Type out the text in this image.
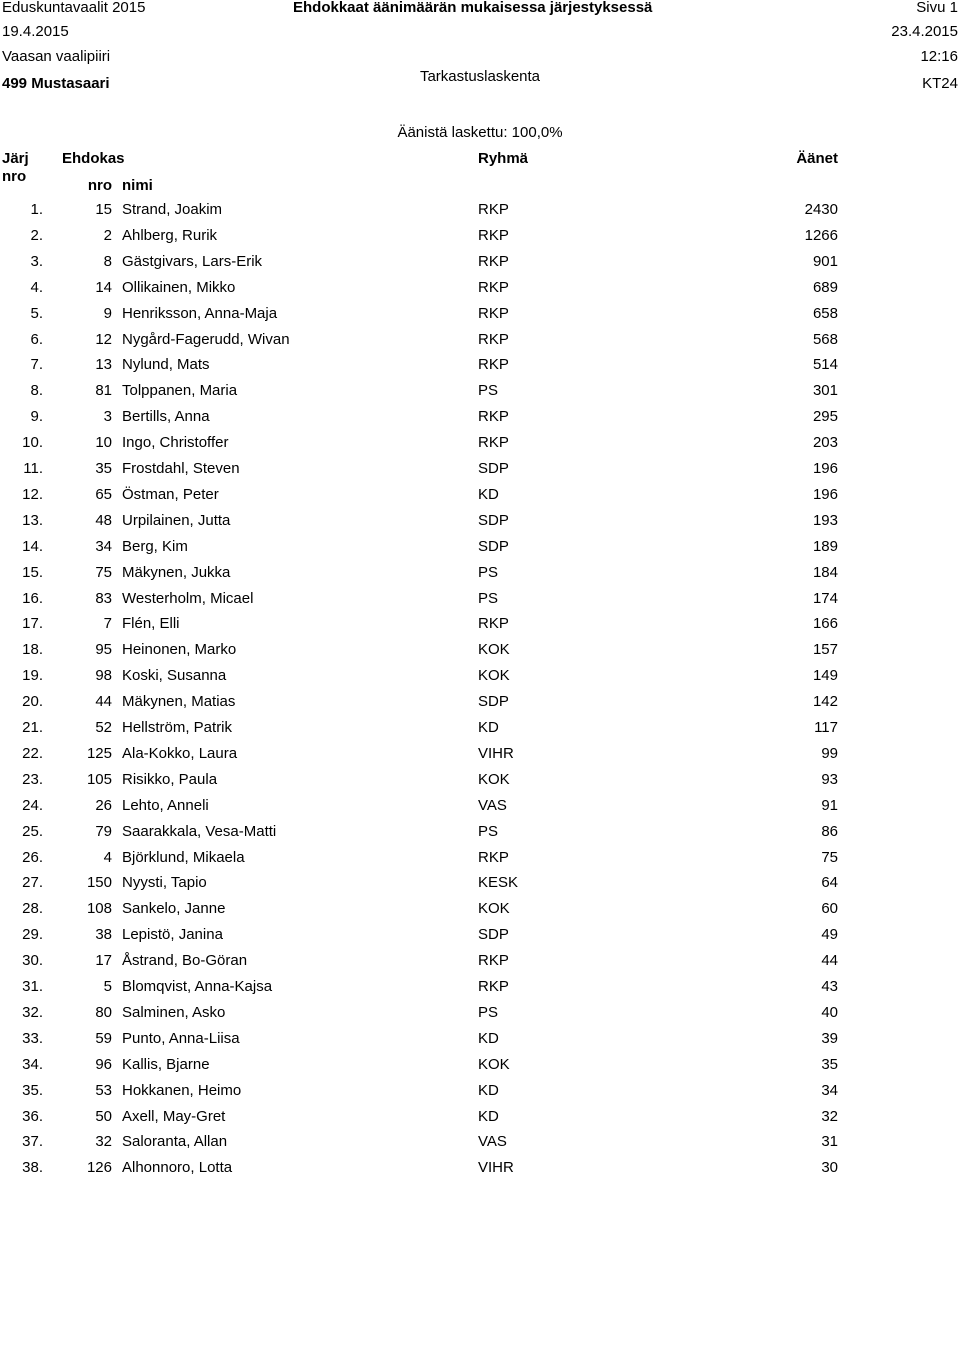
Eduskuntavaalit 2015	Ehdokkaat äänimäärän mukaisessa järjestyksessä	Sivu 1
19.4.2015	23.4.2015
Vaasan vaalipiiri	12:16
Tarkastuslaskenta
499 Mustasaari	KT24
Äänistä laskettu: 100,0%
Järj
nro
Ehdokas	Ryhmä	Äänet
nro nimi
1.	15 Strand, Joakim	RKP	2430
2.	2 Ahlberg, Rurik	RKP	1266
3.	8 Gästgivars, Lars-Erik	RKP	901
4.	14 Ollikainen, Mikko	RKP	689
5.	9 Henriksson, Anna-Maja	RKP	658
6.	12 Nygård-Fagerudd, Wivan	RKP	568
7.	13 Nylund, Mats	RKP	514
8.	81 Tolppanen, Maria	PS	301
9.	3 Bertills, Anna	RKP	295
10.	10 Ingo, Christoffer	RKP	203
11.	35 Frostdahl, Steven	SDP	196
12.	65 Östman, Peter	KD	196
13.	48 Urpilainen, Jutta	SDP	193
14.	34 Berg, Kim	SDP	189
15.	75 Mäkynen, Jukka	PS	184
16.	83 Westerholm, Micael	PS	174
17.	7 Flén, Elli	RKP	166
18.	95 Heinonen, Marko	KOK	157
19.	98 Koski, Susanna	KOK	149
20.	44 Mäkynen, Matias	SDP	142
21.	52 Hellström, Patrik	KD	117
22.	125 Ala-Kokko, Laura	VIHR	99
23.	105 Risikko, Paula	KOK	93
24.	26 Lehto, Anneli	VAS	91
25.	79 Saarakkala, Vesa-Matti	PS	86
26.	4 Björklund, Mikaela	RKP	75
27.	150 Nyysti, Tapio	KESK	64
28.	108 Sankelo, Janne	KOK	60
29.	38 Lepistö, Janina	SDP	49
30.	17 Åstrand, Bo-Göran	RKP	44
31.	5 Blomqvist, Anna-Kajsa	RKP	43
32.	80 Salminen, Asko	PS	40
33.	59 Punto, Anna-Liisa	KD	39
34.	96 Kallis, Bjarne	KOK	35
35.	53 Hokkanen, Heimo	KD	34
36.	50 Axell, May-Gret	KD	32
37.	32 Saloranta, Allan	VAS	31
38.	126 Alhonnoro, Lotta	VIHR	30
